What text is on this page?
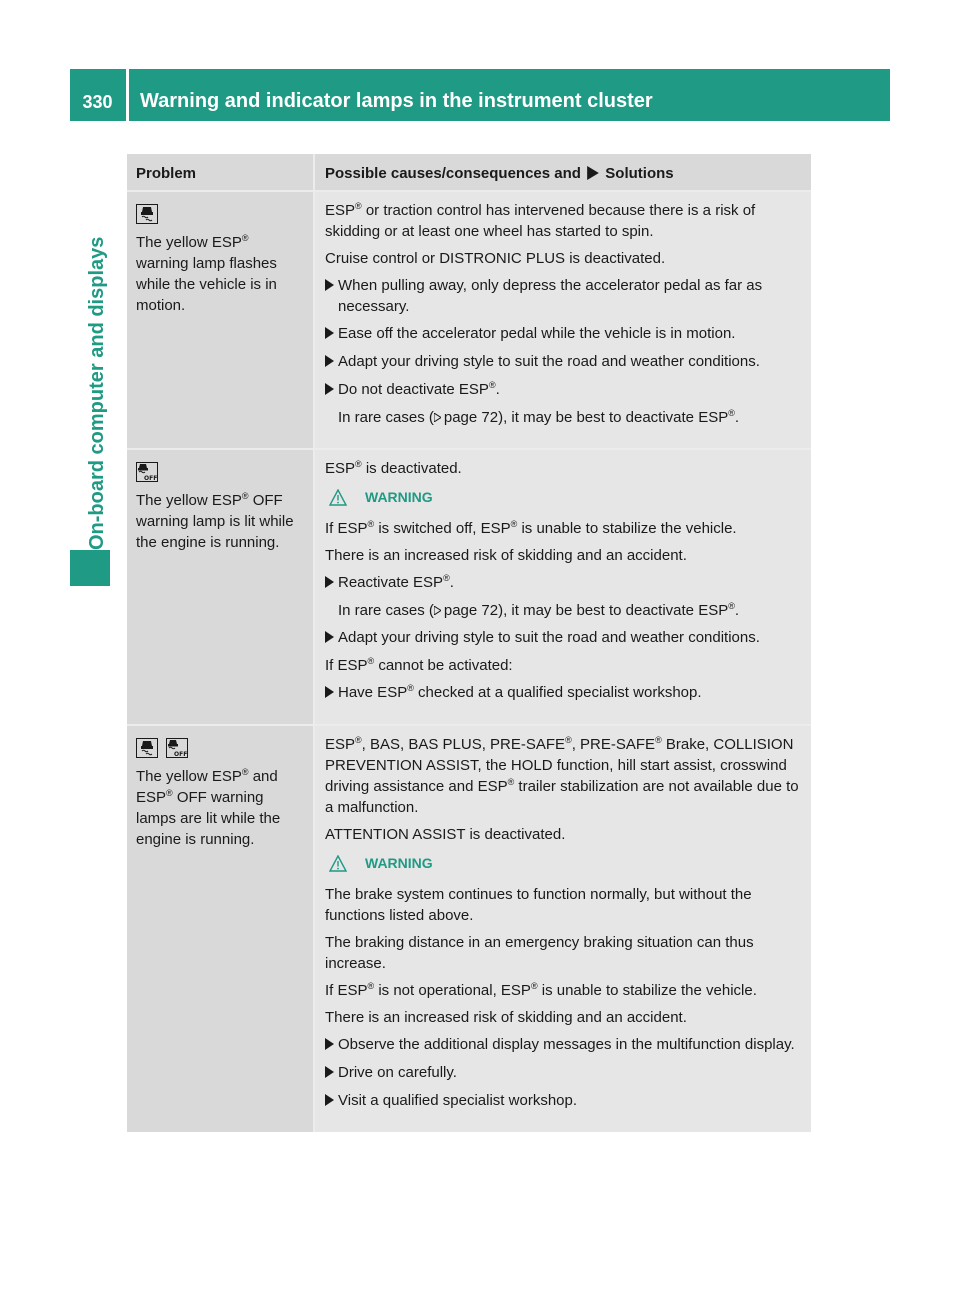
330	Warning and indicator lamps in the instrument cluster
On-board computer and displays
Problem	Possible causes/consequences and Solutions
The yellow ESP®
warning lamp flashes while the vehicle is in motion.

ESP® or traction control has intervened because there is a risk of skidding or at least one wheel has started to spin.

Cruise control or DISTRONIC PLUS is deactivated.

When pulling away, only depress the accelerator pedal as far as necessary.
Ease off the accelerator pedal while the vehicle is in motion.
Adapt your driving style to suit the road and weather conditions.
Do not deactivate ESP®.
In rare cases ( page 72), it may be best to deactivate ESP®.
OFF
The yellow ESP® OFF warning lamp is lit while the engine is running.

ESP® is deactivated.

WARNING

If ESP® is switched off, ESP® is unable to stabilize the vehicle.

There is an increased risk of skidding and an accident.

Reactivate ESP®.
In rare cases ( page 72), it may be best to deactivate ESP®.
Adapt your driving style to suit the road and weather conditions.

If ESP® cannot be activated:

Have ESP® checked at a qualified specialist workshop.
OFF
The yellow ESP® and
ESP® OFF warning lamps are lit while the engine is running.

ESP®, BAS, BAS PLUS, PRE-SAFE®, PRE-SAFE® Brake, COLLISION PREVENTION ASSIST, the HOLD function, hill start assist, crosswind driving assistance and ESP® trailer stabilization are not available due to a malfunction.

ATTENTION ASSIST is deactivated.

WARNING

The brake system continues to function normally, but without the functions listed above.

The braking distance in an emergency braking situation can thus increase.

If ESP® is not operational, ESP® is unable to stabilize the vehicle.

There is an increased risk of skidding and an accident.

Observe the additional display messages in the multifunction display.
Drive on carefully.
Visit a qualified specialist workshop.
